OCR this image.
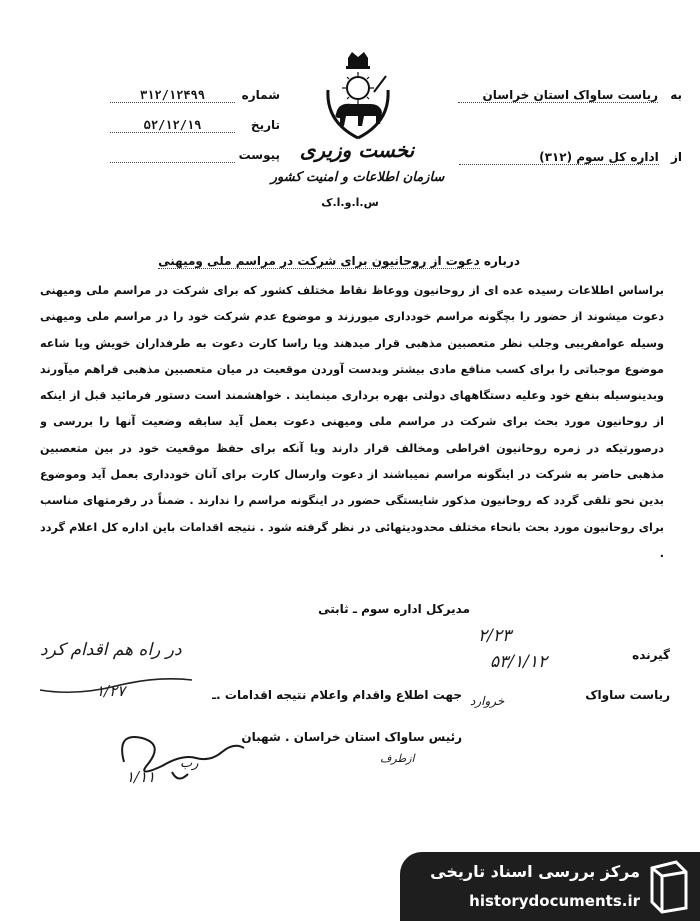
به ریاست ساواک استان خراسان
از اداره کل سوم (۳۱۲)
نخست وزیری
سازمان اطلاعات و امنیت کشور
س.ا.و.ا.ک
شماره
۳۱۲/۱۲۴۹۹
تاریخ
۵۲/۱۲/۱۹
پیوست
درباره دعوت از روحانیون برای شرکت در مراسم ملی ومیهنی
براساس اطلاعات رسیده عده ای از روحانیون ووعاظ نقاط مختلف کشور که برای شرکت در مراسم ملی ومیهنی دعوت میشوند از حضور را بچگونه مراسم خودداری میورزند و موضوع عدم شرکت خود را در مراسم ملی ومیهنی وسیله عوامفریبی وجلب نظر متعصبین مذهبی قرار میدهند ویا راسا کارت دعوت به طرفداران خویش ویا شاعه موضوع موجباتی را برای کسب منافع مادی بیشتر وبدست آوردن موقعیت در میان متعصبین مذهبی فراهم میآورند وبدینوسیله بنفع خود وعلیه دستگاههای دولتی بهره برداری مینمایند . خواهشمند است دستور فرمائید قبل از اینکه از روحانیون مورد بحث برای شرکت در مراسم ملی ومیهنی دعوت بعمل آید سابقه وضعیت آنها را بررسی و درصورتیکه در زمره روحانیون افراطی ومخالف قرار دارند ویا آنکه برای حفظ موقعیت خود در بین متعصبین مذهبی حاضر به شرکت در اینگونه مراسم نمیباشند از دعوت وارسال کارت برای آنان خودداری بعمل آید وموضوع بدین نحو تلقی گردد که روحانیون مذکور شایستگی حضور در اینگونه مراسم را ندارند . ضمناً در رفرمتهای مناسب برای روحانیون مورد بحث بانحاء مختلف محدودیتهائی در نظر گرفته شود . نتیجه اقدامات باین اداره کل اعلام گردد .
مدیرکل اداره سوم ـ ثابتی
در راه هم اقدام کرد
۱/۲۷
۲/۲۳
۵۳/۱/۱۲
خروارد
گیرنده
ریاست ساواک
جهت اطلاع واقدام واعلام نتیجه اقدامات .ـ
رئیس ساواک استان خراسان . شهبان
ازطرف
رب
۱/۱۱
مرکز بررسی اسناد تاریخی
historydocuments.ir
